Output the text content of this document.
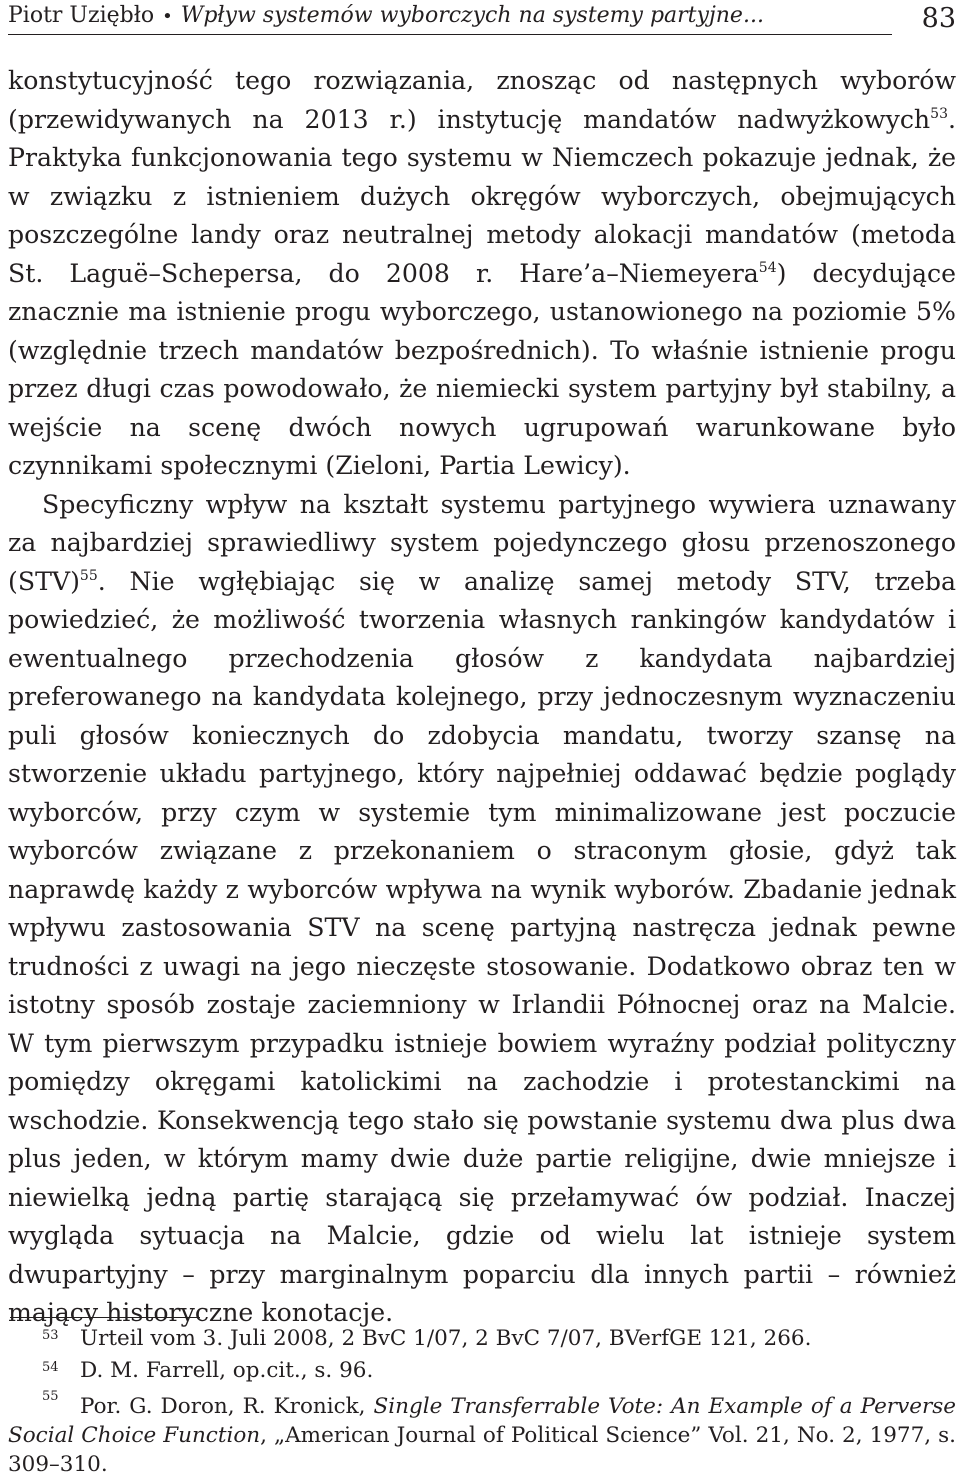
Piotr Uziębło • Wpływ systemów wyborczych na systemy partyjne...	83

konstytucyjność tego rozwiązania, znosząc od następnych wyborów (przewidywanych na 2013 r.) instytucję mandatów nadwyżkowych$^{53}$. Praktyka funkcjonowania tego systemu w Niemczech pokazuje jednak, że w związku z istnieniem dużych okręgów wyborczych, obejmujących poszczególne landy oraz neutralnej metody alokacji mandatów (metoda St. Laguë–Schepersa, do 2008 r. Hare’a–Niemeyera$^{54}$) decydujące znacznie ma istnienie progu wyborczego, ustanowionego na poziomie 5% (względnie trzech mandatów bezpośrednich). To właśnie istnienie progu przez długi czas powodowało, że niemiecki system partyjny był stabilny, a wejście na scenę dwóch nowych ugrupowań warunkowane było czynnikami społecznymi (Zieloni, Partia Lewicy).

Specyficzny wpływ na kształt systemu partyjnego wywiera uznawany za najbardziej sprawiedliwy system pojedynczego głosu przenoszonego (STV)$^{55}$. Nie wgłębiając się w analizę samej metody STV, trzeba powiedzieć, że możliwość tworzenia własnych rankingów kandydatów i ewentualnego przechodzenia głosów z kandydata najbardziej preferowanego na kandydata kolejnego, przy jednoczesnym wyznaczeniu puli głosów koniecznych do zdobycia mandatu, tworzy szansę na stworzenie układu partyjnego, który najpełniej oddawać będzie poglądy wyborców, przy czym w systemie tym minimalizowane jest poczucie wyborców związane z przekonaniem o straconym głosie, gdyż tak naprawdę każdy z wyborców wpływa na wynik wyborów. Zbadanie jednak wpływu zastosowania STV na scenę partyjną nastręcza jednak pewne trudności z uwagi na jego nieczęste stosowanie. Dodatkowo obraz ten w istotny sposób zostaje zaciemniony w Irlandii Północnej oraz na Malcie. W tym pierwszym przypadku istnieje bowiem wyraźny podział polityczny pomiędzy okręgami katolickimi na zachodzie i protestanckimi na wschodzie. Konsekwencją tego stało się powstanie systemu dwa plus dwa plus jeden, w którym mamy dwie duże partie religijne, dwie mniejsze i niewielką jedną partię starającą się przełamywać ów podział. Inaczej wygląda sytuacja na Malcie, gdzie od wielu lat istnieje system dwupartyjny – przy marginalnym poparciu dla innych partii – również mający historyczne konotacje.

53 Urteil vom 3. Juli 2008, 2 BvC 1/07, 2 BvC 7/07, BVerfGE 121, 266.
54 D. M. Farrell, op.cit., s. 96.
55 Por. G. Doron, R. Kronick, Single Transferrable Vote: An Example of a Perverse Social Choice Function, „American Journal of Political Science” Vol. 21, No. 2, 1977, s. 309–310.
